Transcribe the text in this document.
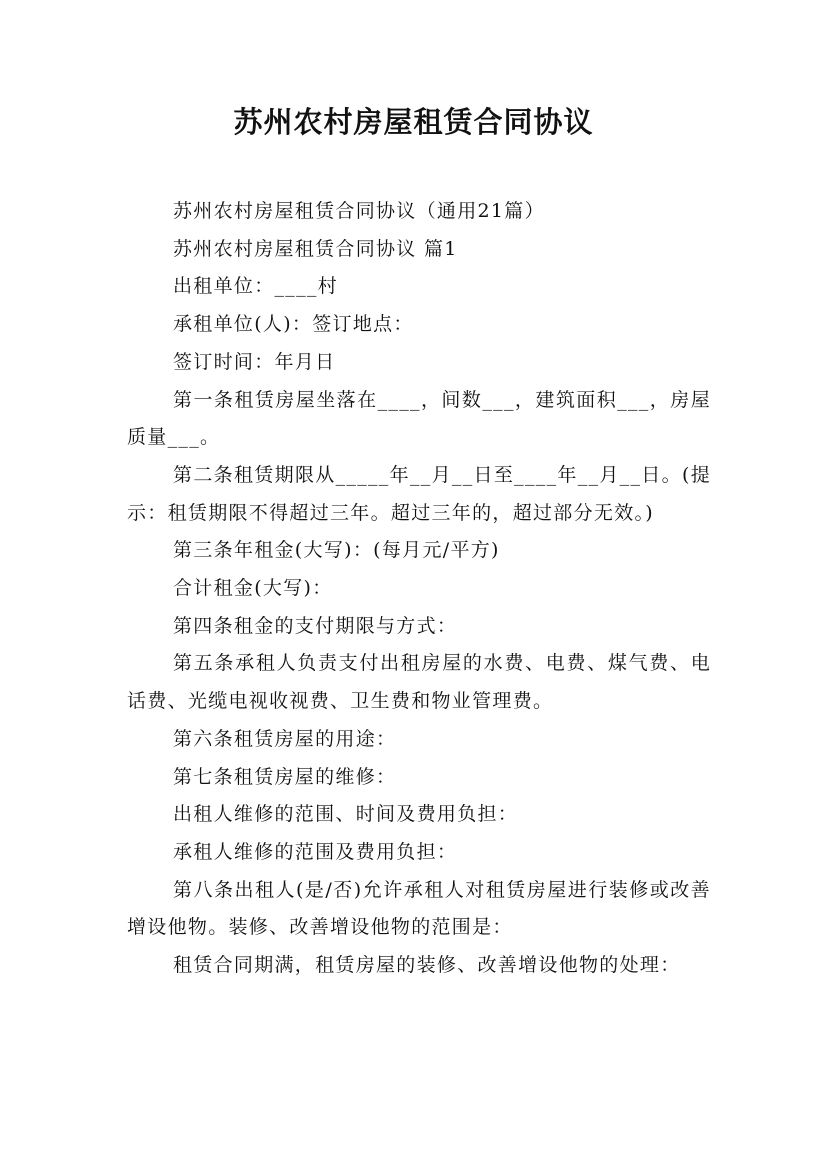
苏州农村房屋租赁合同协议

苏州农村房屋租赁合同协议（通用21篇）

苏州农村房屋租赁合同协议 篇1

出租单位：____村

承租单位(人)：签订地点：

签订时间：年月日

第一条租赁房屋坐落在____，间数___，建筑面积___，房屋质量___。

第二条租赁期限从_____年__月__日至____年__月__日。(提示：租赁期限不得超过三年。超过三年的，超过部分无效。)

第三条年租金(大写)：(每月元/平方)

合计租金(大写)：

第四条租金的支付期限与方式：

第五条承租人负责支付出租房屋的水费、电费、煤气费、电话费、光缆电视收视费、卫生费和物业管理费。

第六条租赁房屋的用途：

第七条租赁房屋的维修：

出租人维修的范围、时间及费用负担：

承租人维修的范围及费用负担：

第八条出租人(是/否)允许承租人对租赁房屋进行装修或改善增设他物。装修、改善增设他物的范围是：

租赁合同期满，租赁房屋的装修、改善增设他物的处理：
